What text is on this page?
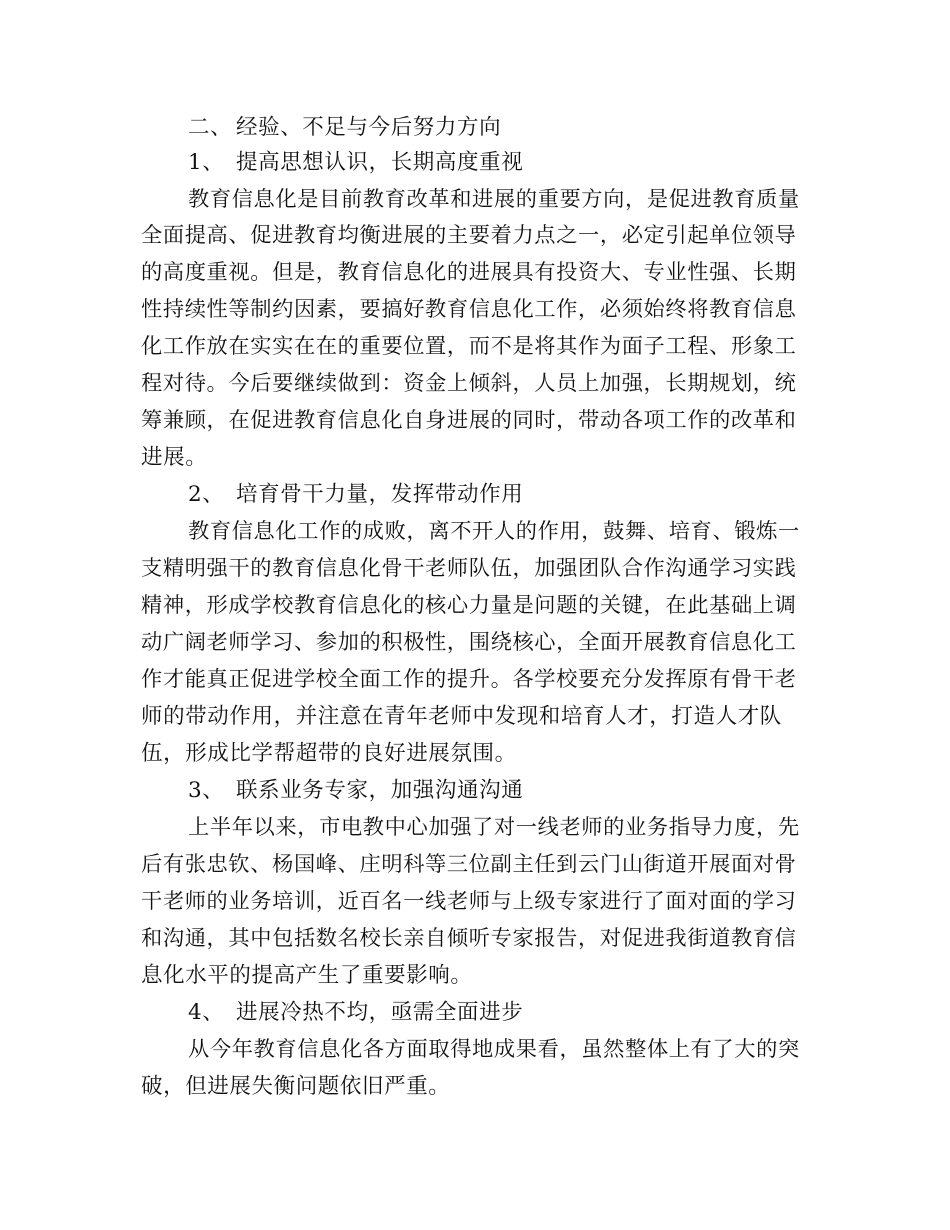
二、 经验、不足与今后努力方向
1、 提高思想认识，长期高度重视
教育信息化是目前教育改革和进展的重要方向，是促进教育质量
全面提高、促进教育均衡进展的主要着力点之一，必定引起单位领导
的高度重视。但是，教育信息化的进展具有投资大、专业性强、长期
性持续性等制约因素，要搞好教育信息化工作，必须始终将教育信息
化工作放在实实在在的重要位置，而不是将其作为面子工程、形象工
程对待。今后要继续做到：资金上倾斜，人员上加强，长期规划，统
筹兼顾，在促进教育信息化自身进展的同时，带动各项工作的改革和
进展。
2、 培育骨干力量，发挥带动作用
教育信息化工作的成败，离不开人的作用，鼓舞、培育、锻炼一
支精明强干的教育信息化骨干老师队伍，加强团队合作沟通学习实践
精神，形成学校教育信息化的核心力量是问题的关键，在此基础上调
动广阔老师学习、参加的积极性，围绕核心，全面开展教育信息化工
作才能真正促进学校全面工作的提升。各学校要充分发挥原有骨干老
师的带动作用，并注意在青年老师中发现和培育人才，打造人才队
伍，形成比学帮超带的良好进展氛围。
3、 联系业务专家，加强沟通沟通
上半年以来，市电教中心加强了对一线老师的业务指导力度，先
后有张忠钦、杨国峰、庄明科等三位副主任到云门山街道开展面对骨
干老师的业务培训，近百名一线老师与上级专家进行了面对面的学习
和沟通，其中包括数名校长亲自倾听专家报告，对促进我街道教育信
息化水平的提高产生了重要影响。
4、 进展冷热不均，亟需全面进步
从今年教育信息化各方面取得地成果看，虽然整体上有了大的突
破，但进展失衡问题依旧严重。
